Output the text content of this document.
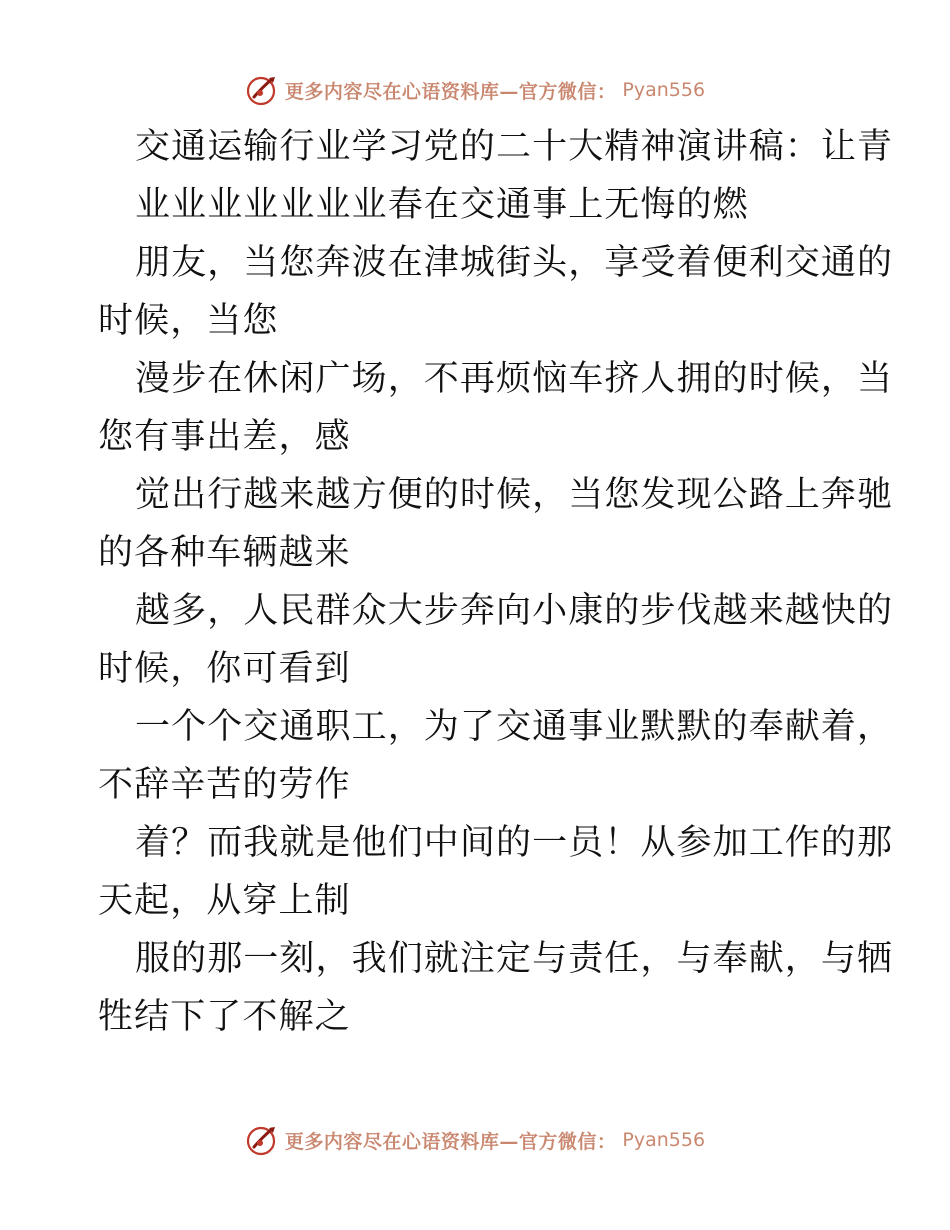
更多内容尽在心语资料库—官方微信： Pyan556
交通运输行业学习党的二十大精神演讲稿：让青
业业业业业业业春在交通事上无悔的燃
朋友，当您奔波在津城街头，享受着便利交通的
时候，当您
漫步在休闲广场，不再烦恼车挤人拥的时候，当
您有事出差，感
觉出行越来越方便的时候，当您发现公路上奔驰
的各种车辆越来
越多，人民群众大步奔向小康的步伐越来越快的
时候，你可看到
一个个交通职工，为了交通事业默默的奉献着，
不辞辛苦的劳作
着？而我就是他们中间的一员！从参加工作的那
天起，从穿上制
服的那一刻，我们就注定与责任，与奉献，与牺
牲结下了不解之
更多内容尽在心语资料库—官方微信： Pyan556
